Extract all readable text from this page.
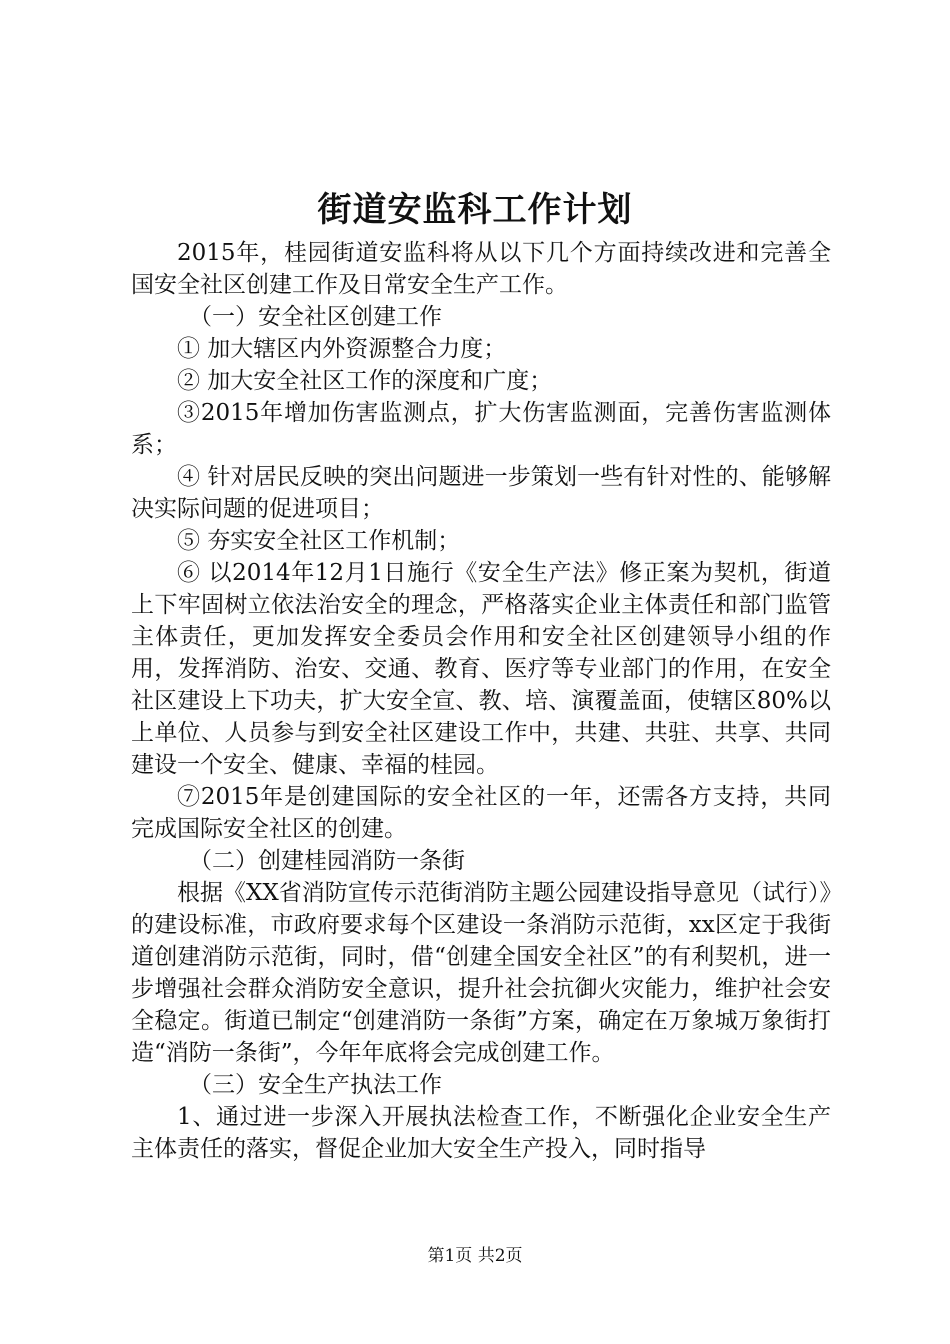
街道安监科工作计划

2015年，桂园街道安监科将从以下几个方面持续改进和完善全国安全社区创建工作及日常安全生产工作。

（一）安全社区创建工作

① 加大辖区内外资源整合力度；

② 加大安全社区工作的深度和广度；

③2015年增加伤害监测点，扩大伤害监测面，完善伤害监测体系；

④ 针对居民反映的突出问题进一步策划一些有针对性的、能够解决实际问题的促进项目；

⑤ 夯实安全社区工作机制；

⑥ 以2014年12月1日施行《安全生产法》修正案为契机，街道上下牢固树立依法治安全的理念，严格落实企业主体责任和部门监管主体责任，更加发挥安全委员会作用和安全社区创建领导小组的作用，发挥消防、治安、交通、教育、医疗等专业部门的作用，在安全社区建设上下功夫，扩大安全宣、教、培、演覆盖面，使辖区80%以上单位、人员参与到安全社区建设工作中，共建、共驻、共享、共同建设一个安全、健康、幸福的桂园。

⑦2015年是创建国际的安全社区的一年，还需各方支持，共同完成国际安全社区的创建。

（二）创建桂园消防一条街

根据《XX省消防宣传示范街消防主题公园建设指导意见（试行）》的建设标准，市政府要求每个区建设一条消防示范街，xx区定于我街道创建消防示范街，同时，借“创建全国安全社区”的有利契机，进一步增强社会群众消防安全意识，提升社会抗御火灾能力，维护社会安全稳定。街道已制定“创建消防一条街”方案，确定在万象城万象街打造“消防一条街”，今年年底将会完成创建工作。

（三）安全生产执法工作

1、通过进一步深入开展执法检查工作，不断强化企业安全生产主体责任的落实，督促企业加大安全生产投入，同时指导

第1页 共2页
